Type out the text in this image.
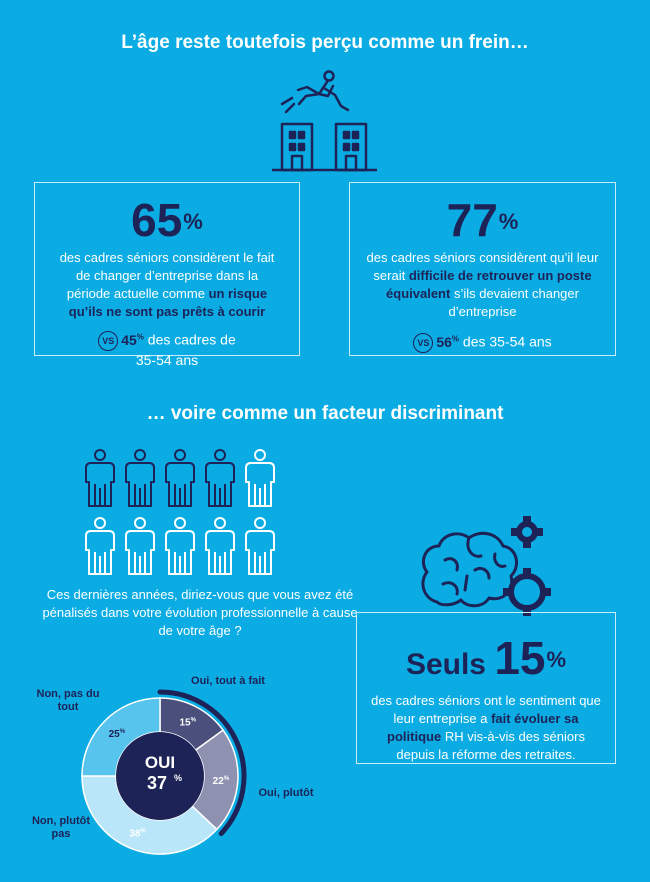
L’âge reste toutefois perçu comme un frein…
65%
des cadres séniors considèrent le fait de changer d’entreprise dans la période actuelle comme un risque qu’ils ne sont pas prêts à courir
VS 45% des cadres de 35-54 ans
77%
des cadres séniors considèrent qu’il leur serait difficile de retrouver un poste équivalent s’ils devaient changer d’entreprise
VS 56% des 35-54 ans
… voire comme un facteur discriminant
Ces dernières années, diriez-vous que vous avez été pénalisés dans votre évolution professionnelle à cause de votre âge ?
OUI
37 %
15%
22%
38%
25%
Oui, tout à fait
Oui, plutôt
Non, plutôt pas
Non, pas du tout
Seuls 15%
des cadres séniors ont le sentiment que leur entreprise a fait évoluer sa politique RH vis-à-vis des séniors depuis la réforme des retraites.
